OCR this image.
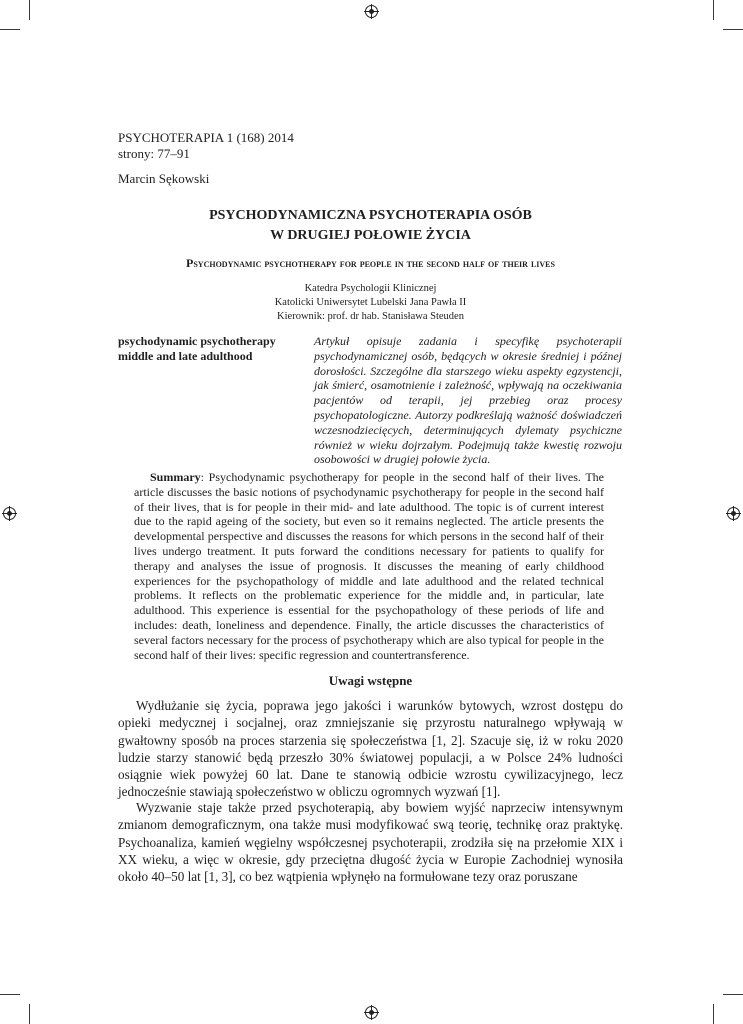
PSYCHOTERAPIA 1 (168) 2014
strony: 77–91
Marcin Sękowski
PSYCHODYNAMICZNA PSYCHOTERAPIA OSÓB
W DRUGIEJ POŁOWIE ŻYCIA
Psychodynamic psychotherapy for people in the second half of their lives
Katedra Psychologii Klinicznej
Katolicki Uniwersytet Lubelski Jana Pawła II
Kierownik: prof. dr hab. Stanisława Steuden
psychodynamic psychotherapy
middle and late adulthood
Artykuł opisuje zadania i specyfikę psychoterapii psychodynamicznej osób, będących w okresie średniej i późnej dorosłości. Szczególne dla starszego wieku aspekty egzystencji, jak śmierć, osamotnienie i zależność, wpływają na oczekiwania pacjentów od terapii, jej przebieg oraz procesy psychopatologiczne. Autorzy podkreślają ważność doświadczeń wczesnodziecięcych, determinujących dylematy psychiczne również w wieku dojrzałym. Podejmują także kwestię rozwoju osobowości w drugiej połowie życia.
Summary: Psychodynamic psychotherapy for people in the second half of their lives. The article discusses the basic notions of psychodynamic psychotherapy for people in the second half of their lives, that is for people in their mid- and late adulthood. The topic is of current interest due to the rapid ageing of the society, but even so it remains neglected. The article presents the developmental perspective and discusses the reasons for which persons in the second half of their lives undergo treatment. It puts forward the conditions necessary for patients to qualify for therapy and analyses the issue of prognosis. It discusses the meaning of early childhood experiences for the psychopathology of middle and late adulthood and the related technical problems. It reflects on the problematic experience for the middle and, in particular, late adulthood. This experience is essential for the psychopathology of these periods of life and includes: death, loneliness and dependence. Finally, the article discusses the characteristics of several factors necessary for the process of psychotherapy which are also typical for people in the second half of their lives: specific regression and countertransference.
Uwagi wstępne
Wydłużanie się życia, poprawa jego jakości i warunków bytowych, wzrost dostępu do opieki medycznej i socjalnej, oraz zmniejszanie się przyrostu naturalnego wpływają w gwałtowny sposób na proces starzenia się społeczeństwa [1, 2]. Szacuje się, iż w roku 2020 ludzie starzy stanowić będą przeszło 30% światowej populacji, a w Polsce 24% ludności osiągnie wiek powyżej 60 lat. Dane te stanowią odbicie wzrostu cywilizacyjnego, lecz jednocześnie stawiają społeczeństwo w obliczu ogromnych wyzwań [1].
Wyzwanie staje także przed psychoterapią, aby bowiem wyjść naprzeciw intensywnym zmianom demograficznym, ona także musi modyfikować swą teorię, technikę oraz praktykę. Psychoanaliza, kamień węgielny współczesnej psychoterapii, zrodziła się na przełomie XIX i XX wieku, a więc w okresie, gdy przeciętna długość życia w Europie Zachodniej wynosiła około 40–50 lat [1, 3], co bez wątpienia wpłynęło na formułowane tezy oraz poruszane
